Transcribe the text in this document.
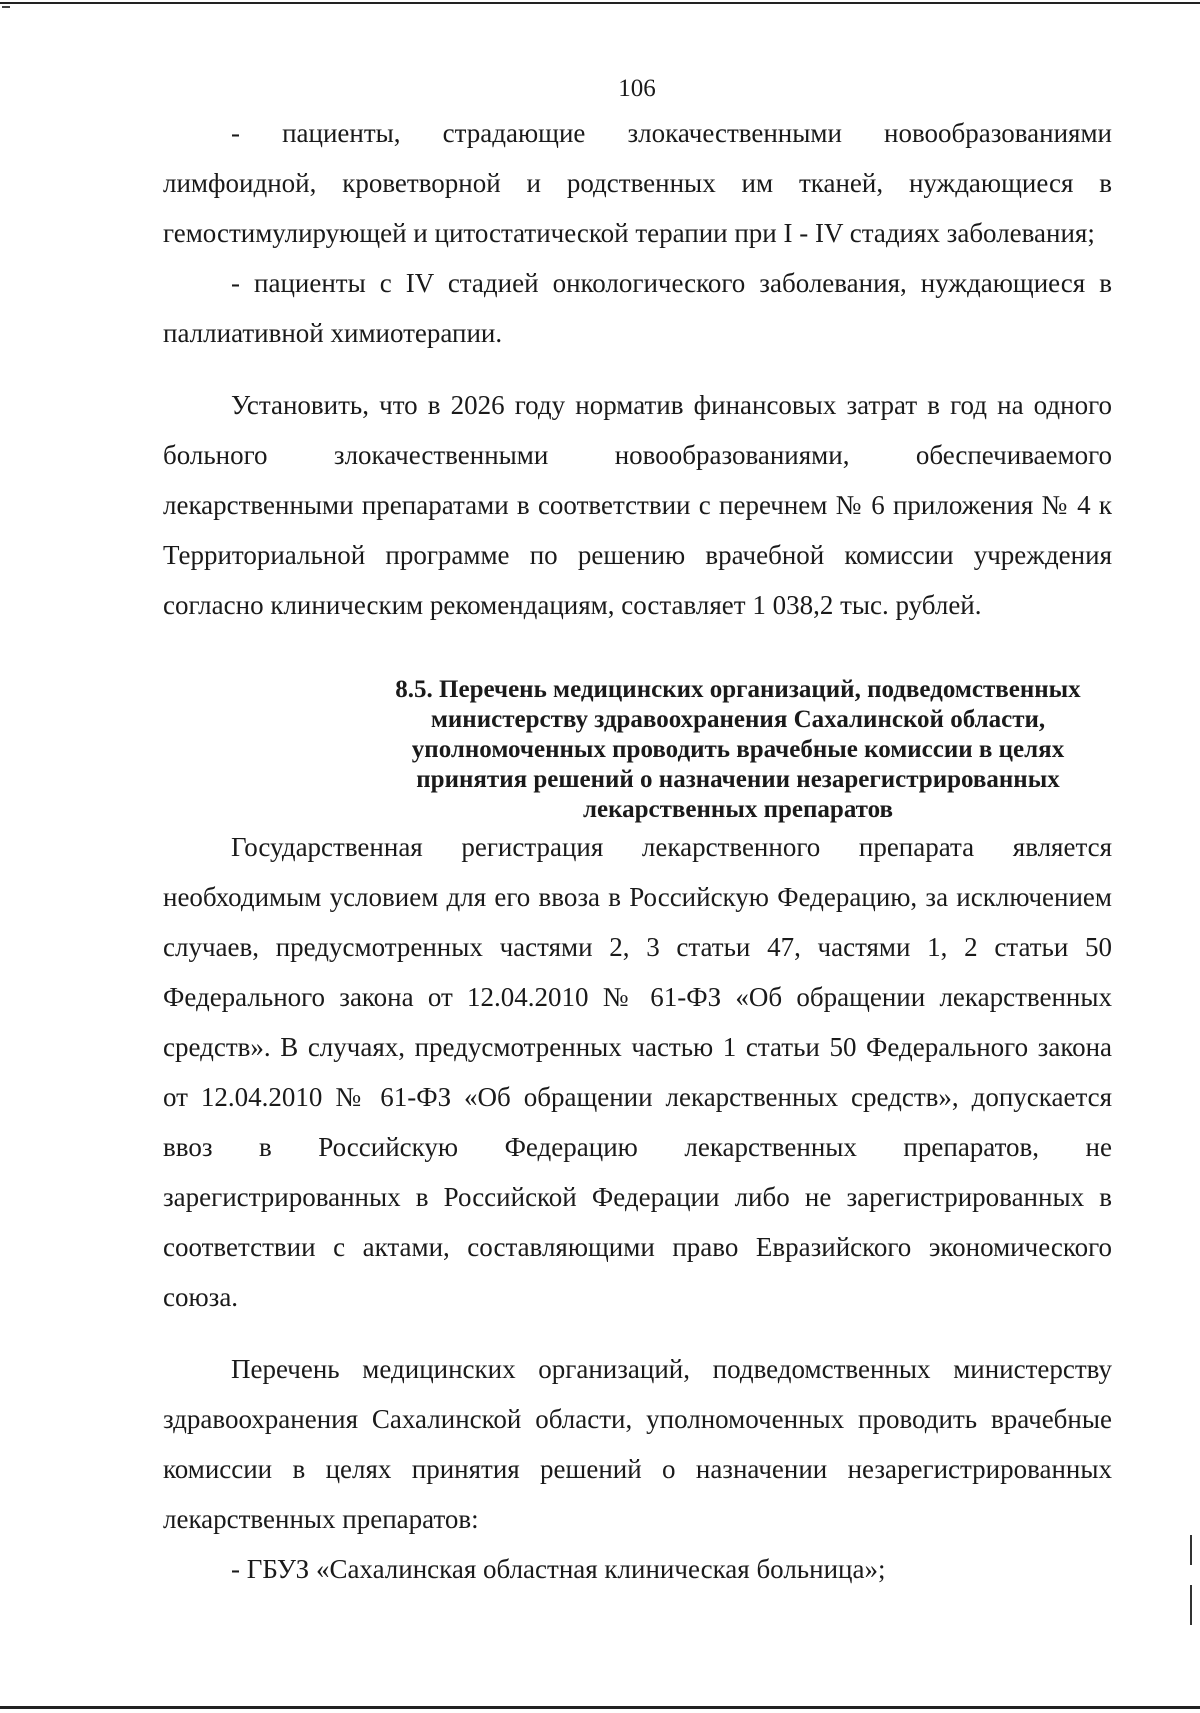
106

- пациенты, страдающие злокачественными новообразованиями лимфоидной, кроветворной и родственных им тканей, нуждающиеся в гемостимулирующей и цитостатической терапии при I - IV стадиях заболевания;

- пациенты с IV стадией онкологического заболевания, нуждающиеся в паллиативной химиотерапии.

Установить, что в 2026 году норматив финансовых затрат в год на одного больного злокачественными новообразованиями, обеспечиваемого лекарственными препаратами в соответствии с перечнем № 6 приложения № 4 к Территориальной программе по решению врачебной комиссии учреждения согласно клиническим рекомендациям, составляет 1 038,2 тыс. рублей.

8.5. Перечень медицинских организаций, подведомственных
министерству здравоохранения Сахалинской области,
уполномоченных проводить врачебные комиссии в целях
принятия решений о назначении незарегистрированных
лекарственных препаратов

Государственная регистрация лекарственного препарата является необходимым условием для его ввоза в Российскую Федерацию, за исключением случаев, предусмотренных частями 2, 3 статьи 47, частями 1, 2 статьи 50 Федерального закона от 12.04.2010 № 61-ФЗ «Об обращении лекарственных средств». В случаях, предусмотренных частью 1 статьи 50 Федерального закона от 12.04.2010 № 61-ФЗ «Об обращении лекарственных средств», допускается ввоз в Российскую Федерацию лекарственных препаратов, не зарегистрированных в Российской Федерации либо не зарегистрированных в соответствии с актами, составляющими право Евразийского экономического союза.

Перечень медицинских организаций, подведомственных министерству здравоохранения Сахалинской области, уполномоченных проводить врачебные комиссии в целях принятия решений о назначении незарегистрированных лекарственных препаратов:

- ГБУЗ «Сахалинская областная клиническая больница»;
